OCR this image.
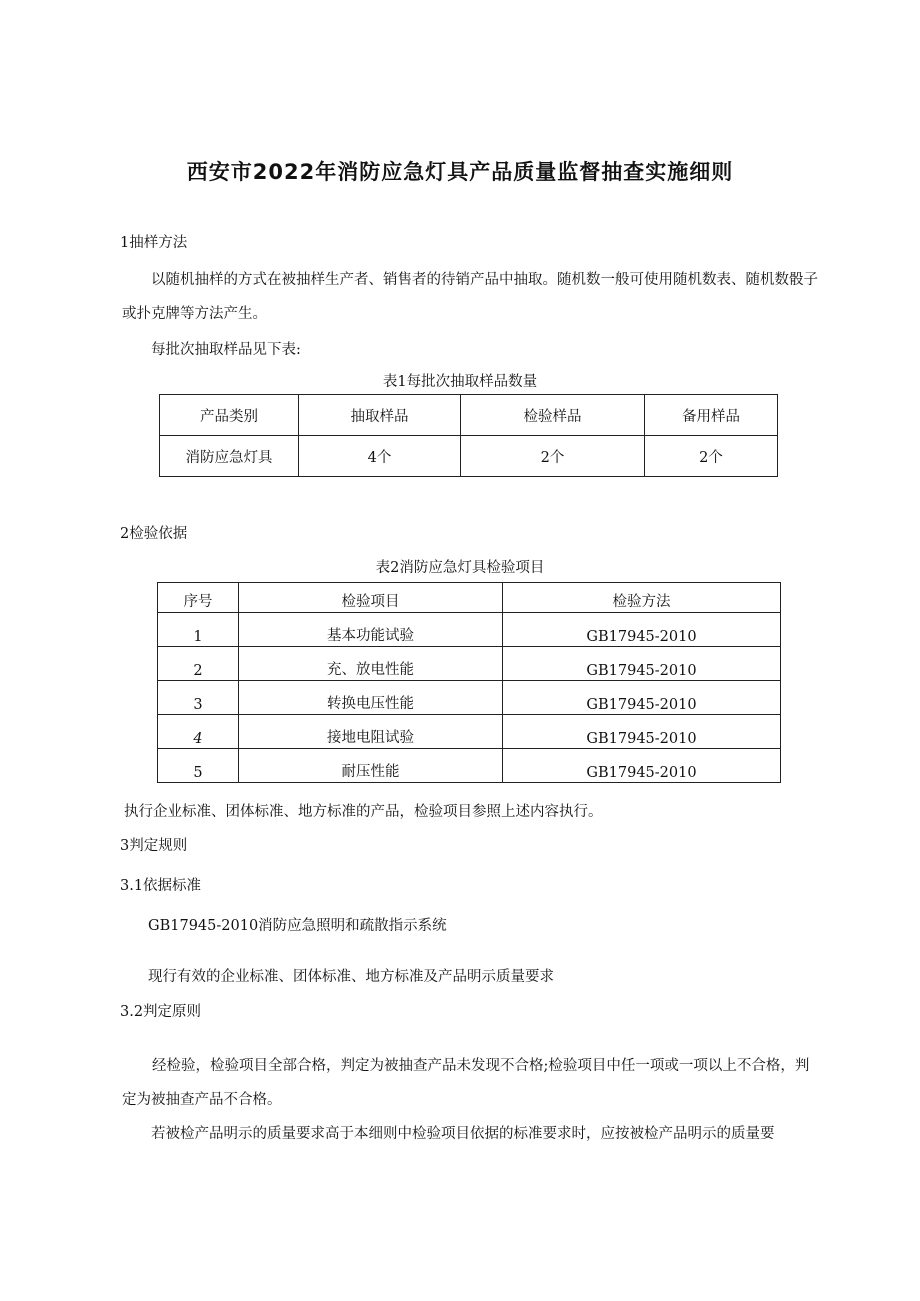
西安市2022年消防应急灯具产品质量监督抽查实施细则

1抽样方法

以随机抽样的方式在被抽样生产者、销售者的待销产品中抽取。随机数一般可使用随机数表、随机数骰子或扑克牌等方法产生。

每批次抽取样品见下表:

表1每批次抽取样品数量
产品类别	抽取样品	检验样品	备用样品
消防应急灯具	4个	2个	2个

2检验依据

表2消防应急灯具检验项目
序号	检验项目	检验方法
1	基本功能试验	GB17945-2010
2	充、放电性能	GB17945-2010
3	转换电压性能	GB17945-2010
4	接地电阻试验	GB17945-2010
5	耐压性能	GB17945-2010

执行企业标准、团体标准、地方标准的产品，检验项目参照上述内容执行。

3判定规则

3.1依据标准

GB17945-2010消防应急照明和疏散指示系统

现行有效的企业标准、团体标准、地方标准及产品明示质量要求

3.2判定原则

经检验，检验项目全部合格，判定为被抽查产品未发现不合格;检验项目中任一项或一项以上不合格，判定为被抽查产品不合格。

若被检产品明示的质量要求高于本细则中检验项目依据的标准要求时，应按被检产品明示的质量要
